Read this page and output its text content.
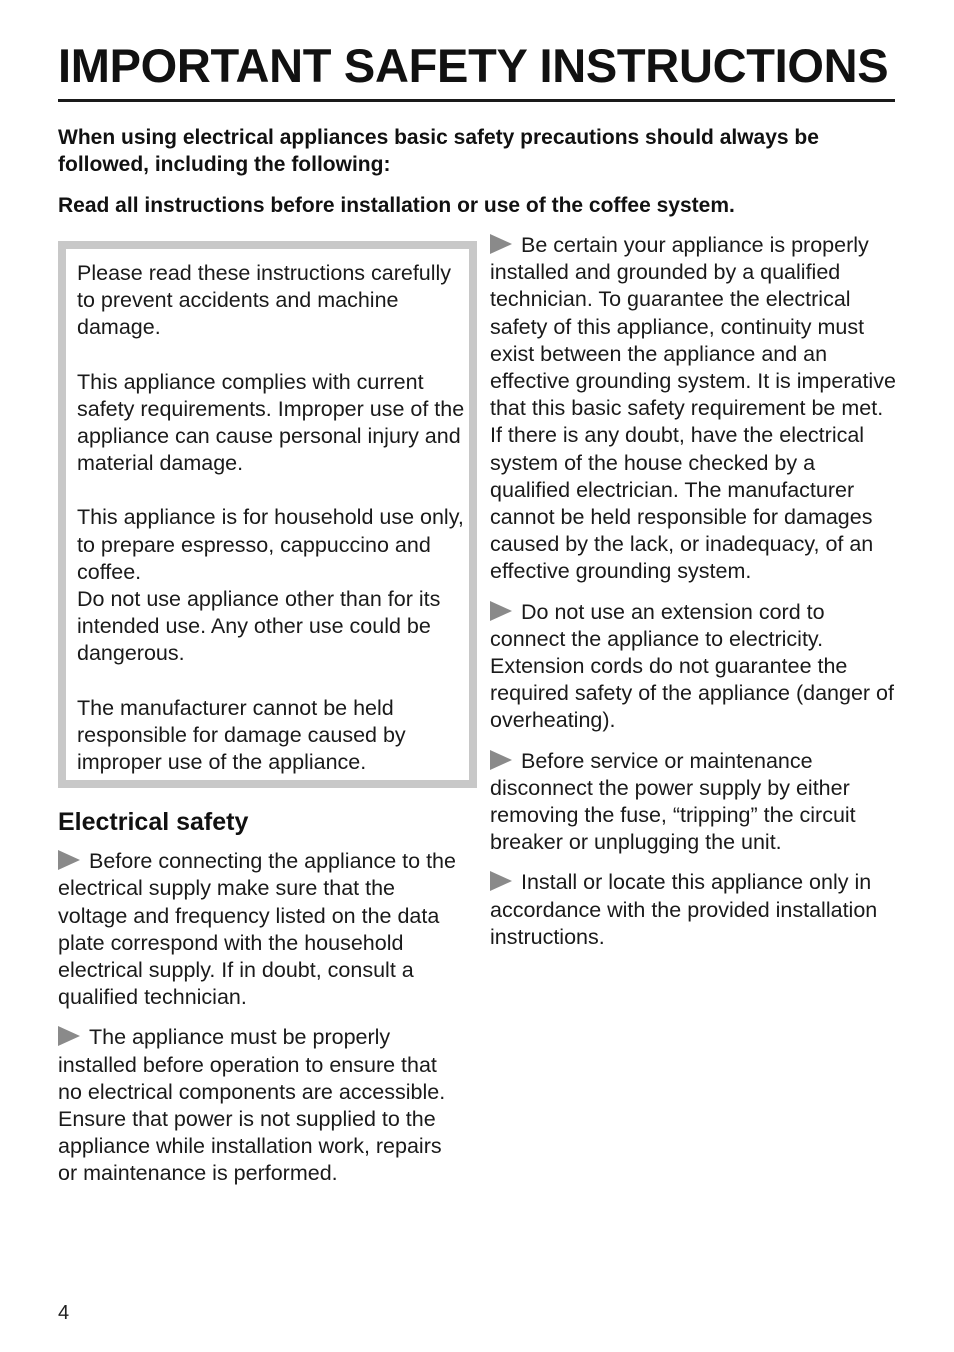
IMPORTANT SAFETY INSTRUCTIONS

When using electrical appliances basic safety precautions should always be followed, including the following:

Read all instructions before installation or use of the coffee system.

Please read these instructions carefully to prevent accidents and machine damage.

This appliance complies with current safety requirements. Improper use of the appliance can cause personal injury and material damage.

This appliance is for household use only, to prepare espresso, cappuccino and coffee.
Do not use appliance other than for its intended use. Any other use could be dangerous.

The manufacturer cannot be held responsible for damage caused by improper use of the appliance.

Electrical safety

Before connecting the appliance to the electrical supply make sure that the voltage and frequency listed on the data plate correspond with the household electrical supply. If in doubt, consult a qualified technician.

The appliance must be properly installed before operation to ensure that no electrical components are accessible. Ensure that power is not supplied to the appliance while installation work, repairs or maintenance is performed.

Be certain your appliance is properly installed and grounded by a qualified technician. To guarantee the electrical safety of this appliance, continuity must exist between the appliance and an effective grounding system. It is imperative that this basic safety requirement be met. If there is any doubt, have the electrical system of the house checked by a qualified electrician. The manufacturer cannot be held responsible for damages caused by the lack, or inadequacy, of an effective grounding system.

Do not use an extension cord to connect the appliance to electricity. Extension cords do not guarantee the required safety of the appliance (danger of overheating).

Before service or maintenance disconnect the power supply by either removing the fuse, “tripping” the circuit breaker or unplugging the unit.

Install or locate this appliance only in accordance with the provided installation instructions.

4
